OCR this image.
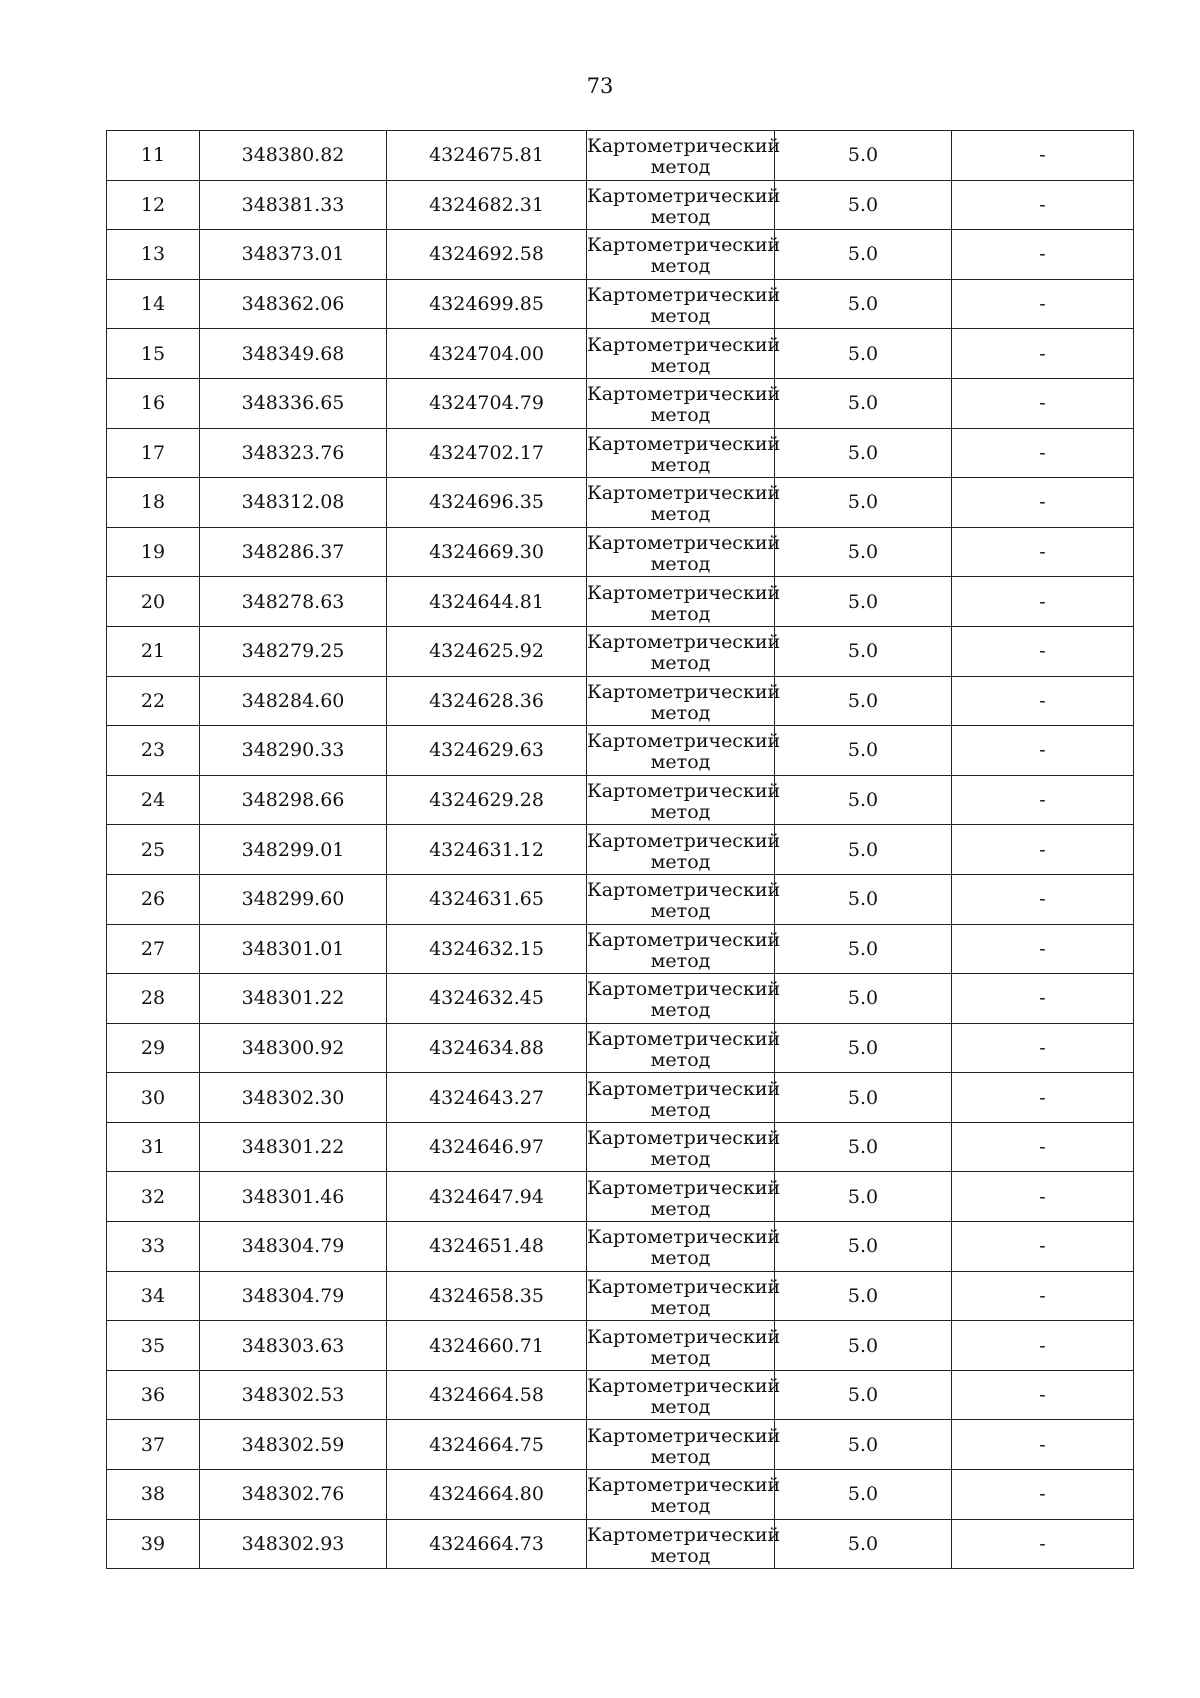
73
11	348380.82	4324675.81	Картометрический метод	5.0	-
12	348381.33	4324682.31	Картометрический метод	5.0	-
13	348373.01	4324692.58	Картометрический метод	5.0	-
14	348362.06	4324699.85	Картометрический метод	5.0	-
15	348349.68	4324704.00	Картометрический метод	5.0	-
16	348336.65	4324704.79	Картометрический метод	5.0	-
17	348323.76	4324702.17	Картометрический метод	5.0	-
18	348312.08	4324696.35	Картометрический метод	5.0	-
19	348286.37	4324669.30	Картометрический метод	5.0	-
20	348278.63	4324644.81	Картометрический метод	5.0	-
21	348279.25	4324625.92	Картометрический метод	5.0	-
22	348284.60	4324628.36	Картометрический метод	5.0	-
23	348290.33	4324629.63	Картометрический метод	5.0	-
24	348298.66	4324629.28	Картометрический метод	5.0	-
25	348299.01	4324631.12	Картометрический метод	5.0	-
26	348299.60	4324631.65	Картометрический метод	5.0	-
27	348301.01	4324632.15	Картометрический метод	5.0	-
28	348301.22	4324632.45	Картометрический метод	5.0	-
29	348300.92	4324634.88	Картометрический метод	5.0	-
30	348302.30	4324643.27	Картометрический метод	5.0	-
31	348301.22	4324646.97	Картометрический метод	5.0	-
32	348301.46	4324647.94	Картометрический метод	5.0	-
33	348304.79	4324651.48	Картометрический метод	5.0	-
34	348304.79	4324658.35	Картометрический метод	5.0	-
35	348303.63	4324660.71	Картометрический метод	5.0	-
36	348302.53	4324664.58	Картометрический метод	5.0	-
37	348302.59	4324664.75	Картометрический метод	5.0	-
38	348302.76	4324664.80	Картометрический метод	5.0	-
39	348302.93	4324664.73	Картометрический метод	5.0	-
